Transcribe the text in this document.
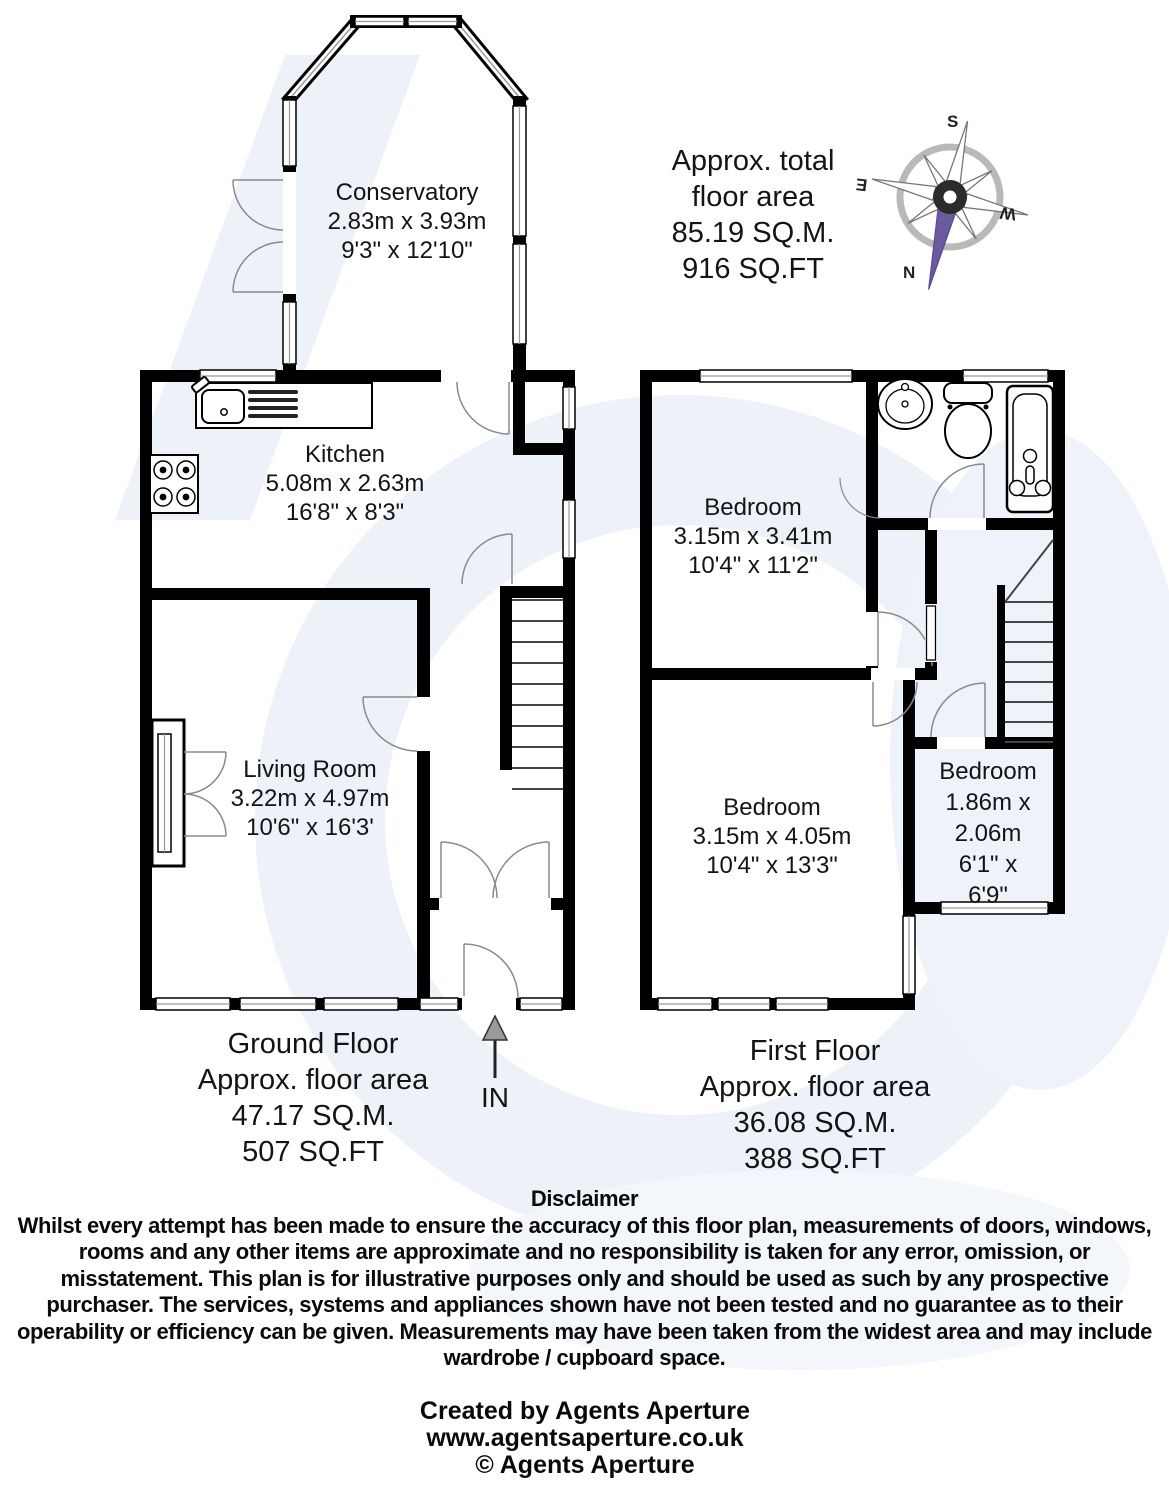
Approx. total
floor area
85.19 SQ.M.
916 SQ.FT
S
N
E
W
Conservatory
2.83m x 3.93m
9'3" x 12'10"
Kitchen
5.08m x 2.63m
16'8" x 8'3"
Living Room
3.22m x 4.97m
10'6" x 16'3'
Bedroom
3.15m x 3.41m
10'4" x 11'2"
Bedroom
3.15m x 4.05m
10'4" x 13'3"
Bedroom
1.86m x
2.06m
6'1" x
6'9"
Ground Floor
Approx. floor area
47.17 SQ.M.
507 SQ.FT
IN
First Floor
Approx. floor area
36.08 SQ.M.
388 SQ.FT
Disclaimer
Whilst every attempt has been made to ensure the accuracy of this floor plan, measurements of doors, windows, rooms and any other items are approximate and no responsibility is taken for any error, omission, or misstatement. This plan is for illustrative purposes only and should be used as such by any prospective purchaser. The services, systems and appliances shown have not been tested and no guarantee as to their operability or efficiency can be given. Measurements may have been taken from the widest area and may include wardrobe / cupboard space.
Created by Agents Aperture
www.agentsaperture.co.uk
© Agents Aperture
